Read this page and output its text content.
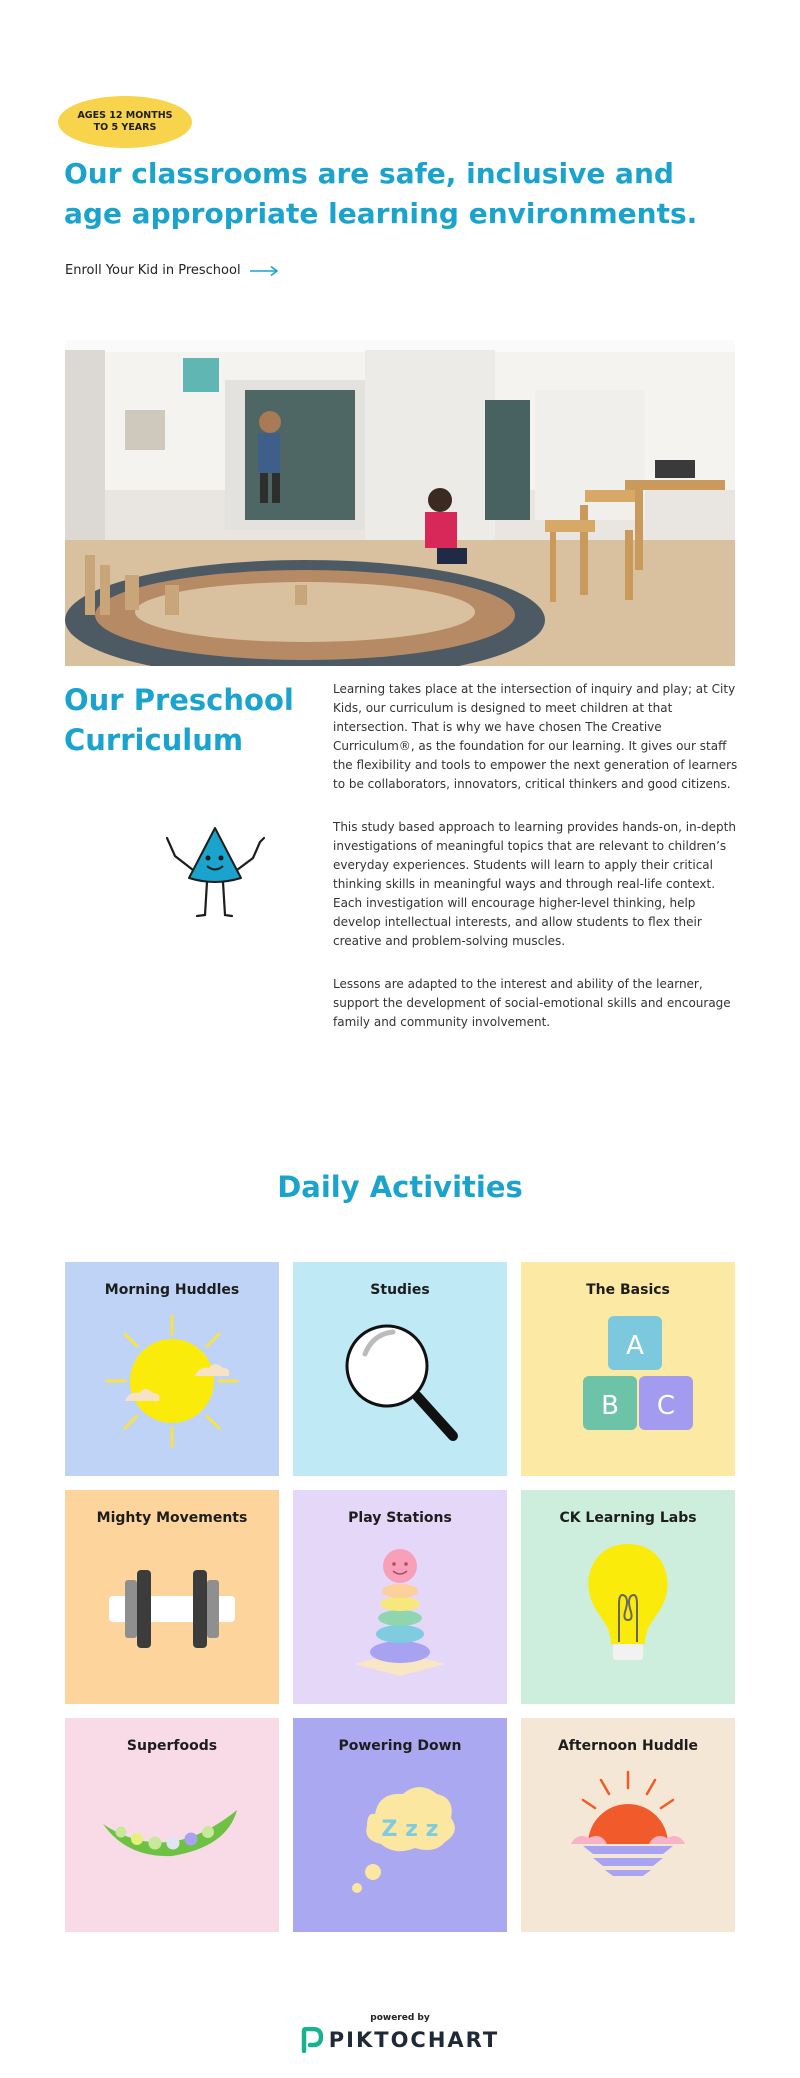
AGES 12 MONTHS TO 5 YEARS
Our classrooms are safe, inclusive and age appropriate learning environments.
Enroll Your Kid in Preschool
Our Preschool Curriculum

Learning takes place at the intersection of inquiry and play; at City Kids, our curriculum is designed to meet children at that intersection. That is why we have chosen The Creative Curriculum®, as the foundation for our learning. It gives our staff the flexibility and tools to empower the next generation of learners to be collaborators, innovators, critical thinkers and good citizens.

This study based approach to learning provides hands-on, in-depth investigations of meaningful topics that are relevant to children’s everyday experiences. Students will learn to apply their critical thinking skills in meaningful ways and through real-life context. Each investigation will encourage higher-level thinking, help develop intellectual interests, and allow students to flex their creative and problem-solving muscles.

Lessons are adapted to the interest and ability of the learner, support the development of social-emotional skills and encourage family and community involvement.

Daily Activities
Morning Huddles	Studies	The Basics
A
B C
Mighty Movements	Play Stations	CK Learning Labs
Superfoods	Powering Down
Z z z
Afternoon Huddle
powered by
PIKTOCHART
